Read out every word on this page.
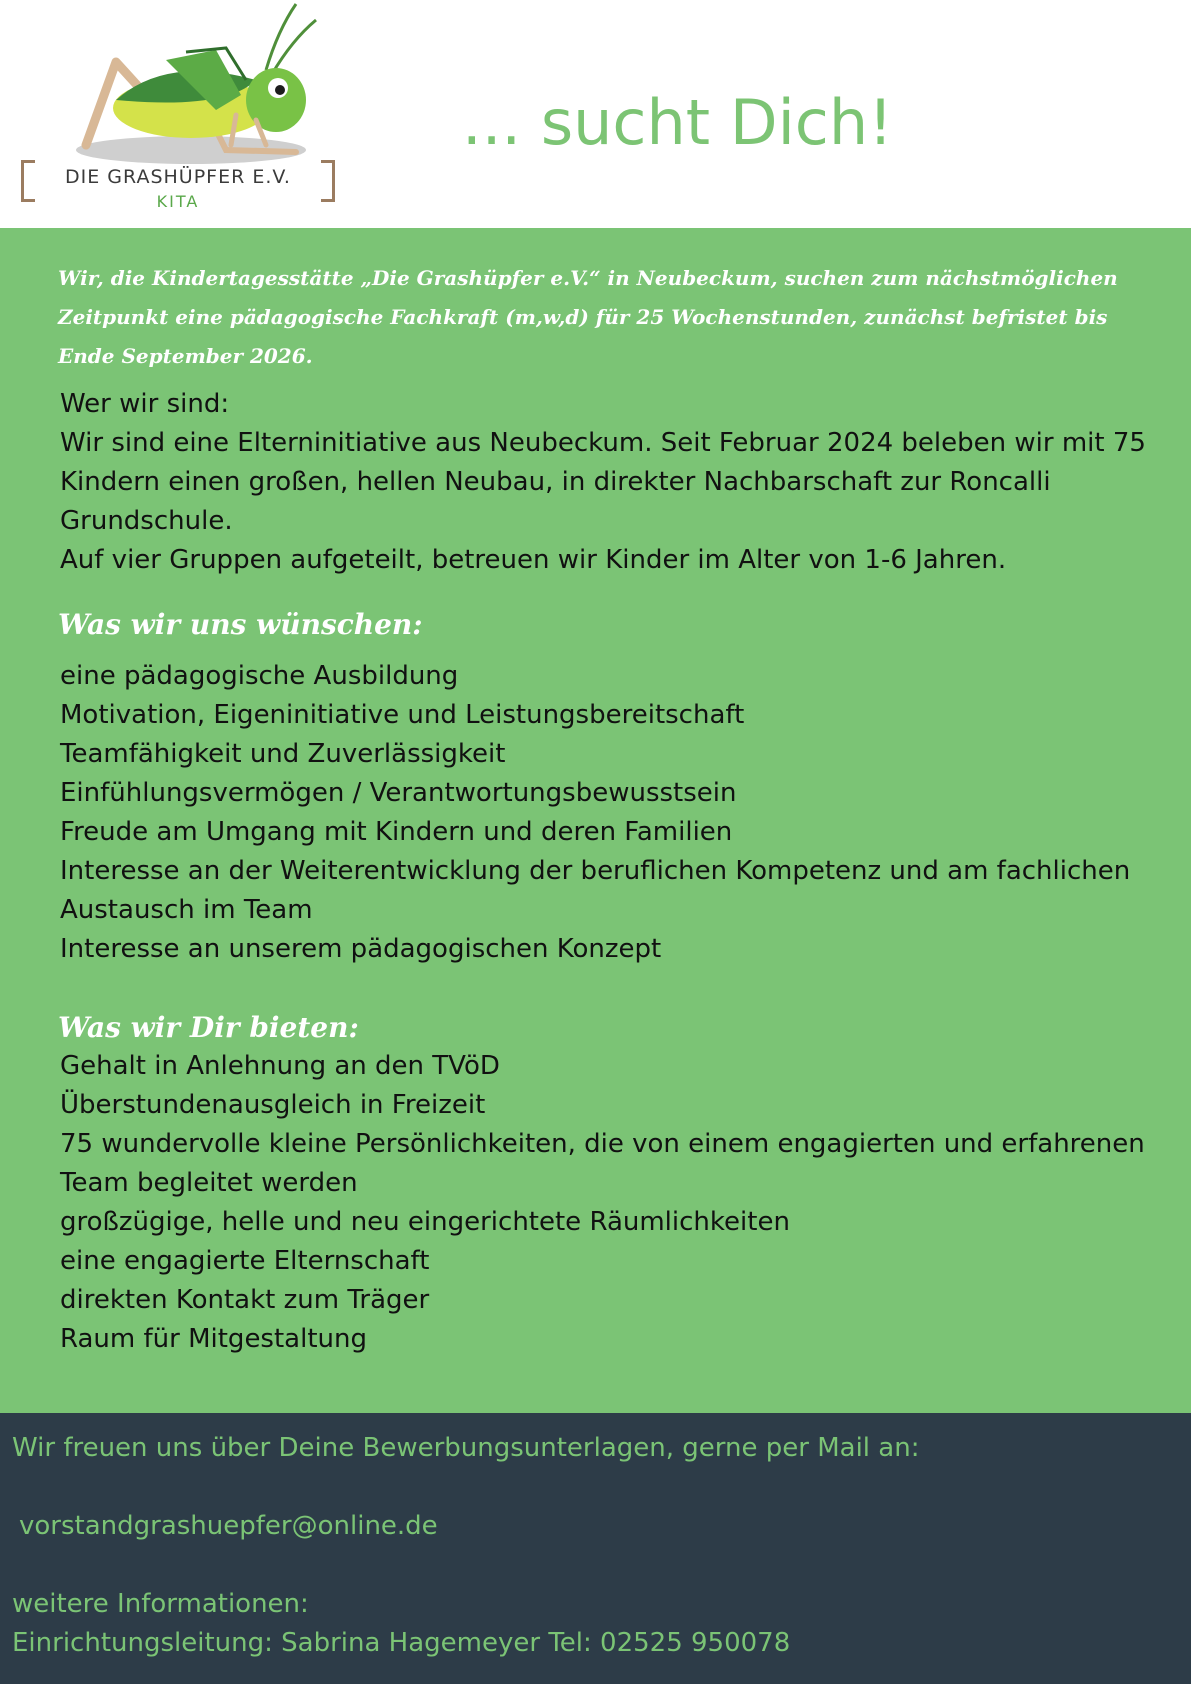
DIE GRASHÜPFER E.V.
KITA
... sucht Dich!
Wir, die Kindertagesstätte „Die Grashüpfer e.V.“ in Neubeckum, suchen zum nächstmöglichen Zeitpunkt eine pädagogische Fachkraft (m,w,d) für 25 Wochenstunden, zunächst befristet bis Ende September 2026.
Wer wir sind:
Wir sind eine Elterninitiative aus Neubeckum. Seit Februar 2024 beleben wir mit 75
Kindern einen großen, hellen Neubau, in direkter Nachbarschaft zur Roncalli
Grundschule.
Auf vier Gruppen aufgeteilt, betreuen wir Kinder im Alter von 1-6 Jahren.
Was wir uns wünschen:
eine pädagogische Ausbildung
Motivation, Eigeninitiative und Leistungsbereitschaft
Teamfähigkeit und Zuverlässigkeit
Einfühlungsvermögen / Verantwortungsbewusstsein
Freude am Umgang mit Kindern und deren Familien
Interesse an der Weiterentwicklung der beruflichen Kompetenz und am fachlichen
Austausch im Team
Interesse an unserem pädagogischen Konzept
Was wir Dir bieten:
Gehalt in Anlehnung an den TVöD
Überstundenausgleich in Freizeit
75 wundervolle kleine Persönlichkeiten, die von einem engagierten und erfahrenen
Team begleitet werden
großzügige, helle und neu eingerichtete Räumlichkeiten
eine engagierte Elternschaft
direkten Kontakt zum Träger
Raum für Mitgestaltung
Wir freuen uns über Deine Bewerbungsunterlagen, gerne per Mail an:
vorstandgrashuepfer@online.de
weitere Informationen:
Einrichtungsleitung: Sabrina Hagemeyer Tel: 02525 950078
